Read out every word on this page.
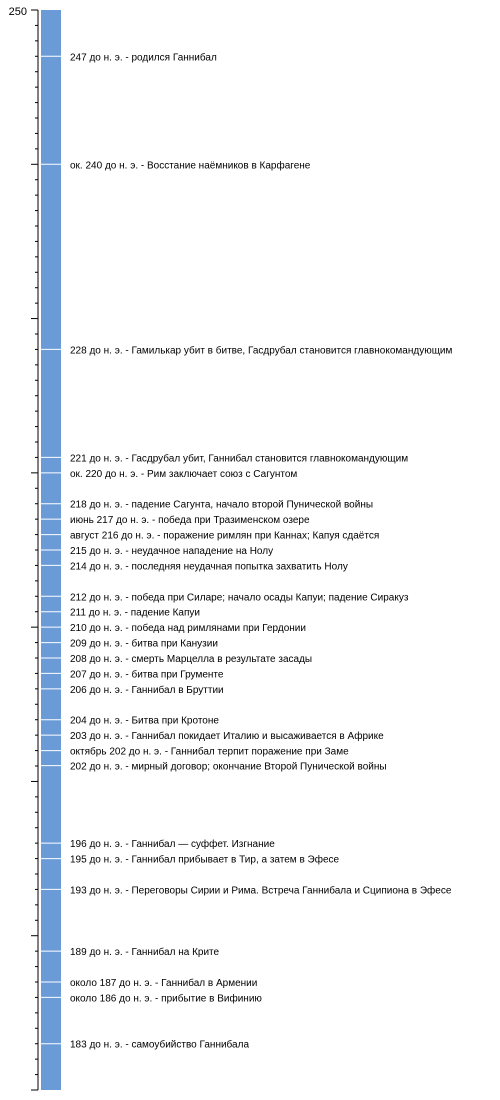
250
247 до н. э. - родился Ганнибал
ок. 240 до н. э. - Восстание наёмников в Карфагене
228 до н. э. - Гамилькар убит в битве, Гасдрубал становится главнокомандующим
221 до н. э. - Гасдрубал убит, Ганнибал становится главнокомандующим
ок. 220 до н. э. - Рим заключает союз с Сагунтом
218 до н. э. - падение Сагунта, начало второй Пунической войны
июнь 217 до н. э. - победа при Тразименском озере
август 216 до н. э. - поражение римлян при Каннах; Капуя сдаётся
215 до н. э. - неудачное нападение на Нолу
214 до н. э. - последняя неудачная попытка захватить Нолу
212 до н. э. - победа при Силаре; начало осады Капуи; падение Сиракуз
211 до н. э. - падение Капуи
210 до н. э. - победа над римлянами при Гердонии
209 до н. э. - битва при Канузии
208 до н. э. - смерть Марцелла в результате засады
207 до н. э. - битва при Грументе
206 до н. э. - Ганнибал в Бруттии
204 до н. э. - Битва при Кротоне
203 до н. э. - Ганнибал покидает Италию и высаживается в Африке
октябрь 202 до н. э. - Ганнибал терпит поражение при Заме
202 до н. э. - мирный договор; окончание Второй Пунической войны
196 до н. э. - Ганнибал — суффет. Изгнание
195 до н. э. - Ганнибал прибывает в Тир, а затем в Эфесе
193 до н. э. - Переговоры Сирии и Рима. Встреча Ганнибала и Сципиона в Эфесе
189 до н. э. - Ганнибал на Крите
около 187 до н. э. - Ганнибал в Армении
около 186 до н. э. - прибытие в Вифинию
183 до н. э. - самоубийство Ганнибала
